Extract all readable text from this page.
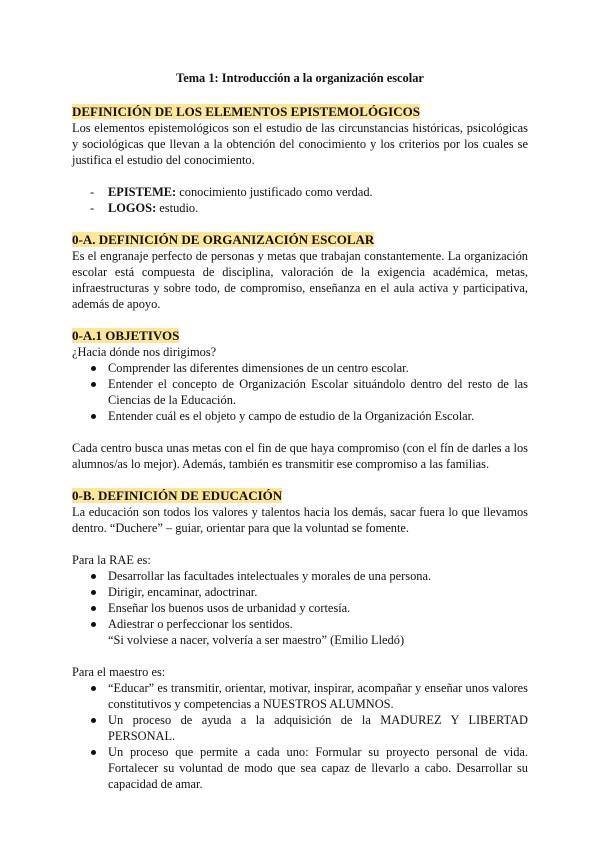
Tema 1: Introducción a la organización escolar
DEFINICIÓN DE LOS ELEMENTOS EPISTEMOLÓGICOS

Los elementos epistemológicos son el estudio de las circunstancias históricas, psicológicas y sociológicas que llevan a la obtención del conocimiento y los criterios por los cuales se justifica el estudio del conocimiento.

- EPISTEME: conocimiento justificado como verdad.
- LOGOS: estudio.
0-A. DEFINICIÓN DE ORGANIZACIÓN ESCOLAR

Es el engranaje perfecto de personas y metas que trabajan constantemente. La organización escolar está compuesta de disciplina, valoración de la exigencia académica, metas, infraestructuras y sobre todo, de compromiso, enseñanza en el aula activa y participativa, además de apoyo.

0-A.1 OBJETIVOS

¿Hacia dónde nos dirigimos?

Comprender las diferentes dimensiones de un centro escolar.
Entender el concepto de Organización Escolar situándolo dentro del resto de las Ciencias de la Educación.
Entender cuál es el objeto y campo de estudio de la Organización Escolar.

Cada centro busca unas metas con el fin de que haya compromiso (con el fín de darles a los alumnos/as lo mejor). Además, también es transmitir ese compromiso a las familias.

0-B. DEFINICIÓN DE EDUCACIÓN

La educación son todos los valores y talentos hacia los demás, sacar fuera lo que llevamos dentro. “Duchere” – guiar, orientar para que la voluntad se fomente.

Para la RAE es:

Desarrollar las facultades intelectuales y morales de una persona.
Dirigir, encaminar, adoctrinar.
Enseñar los buenos usos de urbanidad y cortesía.
Adiestrar o perfeccionar los sentidos.
“Si volviese a nacer, volvería a ser maestro” (Emilio Lledó)

Para el maestro es:

“Educar” es transmitir, orientar, motivar, inspirar, acompañar y enseñar unos valores constitutivos y competencias a NUESTROS ALUMNOS.
Un proceso de ayuda a la adquisición de la MADUREZ Y LIBERTAD PERSONAL.
Un proceso que permite a cada uno: Formular su proyecto personal de vida. Fortalecer su voluntad de modo que sea capaz de llevarlo a cabo. Desarrollar su capacidad de amar.
